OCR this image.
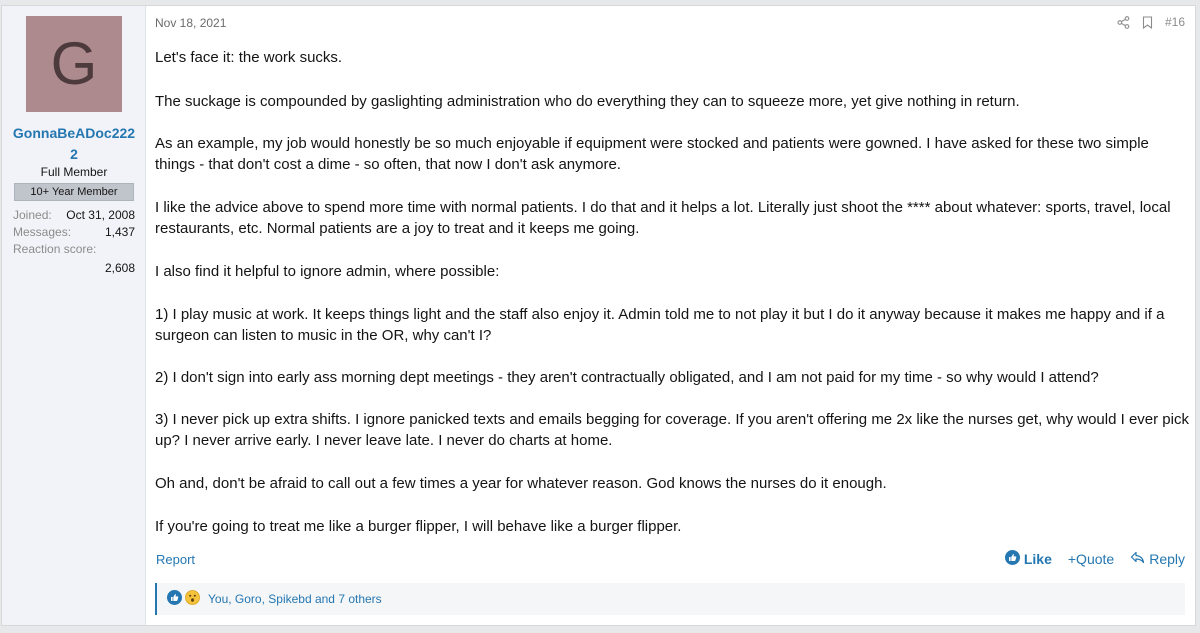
G
GonnaBeADoc2222
Full Member
10+ Year Member
Joined: Oct 31, 2008
Messages:	1,437
Reaction score:
2,608
Nov 18, 2021	#16

Let's face it: the work sucks.

The suckage is compounded by gaslighting administration who do everything they can to squeeze more, yet give nothing in return.

As an example, my job would honestly be so much enjoyable if equipment were stocked and patients were gowned. I have asked for these two simple things - that don't cost a dime - so often, that now I don't ask anymore.

I like the advice above to spend more time with normal patients. I do that and it helps a lot. Literally just shoot the **** about whatever: sports, travel, local restaurants, etc. Normal patients are a joy to treat and it keeps me going.

I also find it helpful to ignore admin, where possible:

1) I play music at work. It keeps things light and the staff also enjoy it. Admin told me to not play it but I do it anyway because it makes me happy and if a surgeon can listen to music in the OR, why can't I?

2) I don't sign into early ass morning dept meetings - they aren't contractually obligated, and I am not paid for my time - so why would I attend?

3) I never pick up extra shifts. I ignore panicked texts and emails begging for coverage. If you aren't offering me 2x like the nurses get, why would I ever pick up? I never arrive early. I never leave late. I never do charts at home.

Oh and, don't be afraid to call out a few times a year for whatever reason. God knows the nurses do it enough.

If you're going to treat me like a burger flipper, I will behave like a burger flipper.

Report	Like +Quote	Reply
You, Goro, Spikebd and 7 others
